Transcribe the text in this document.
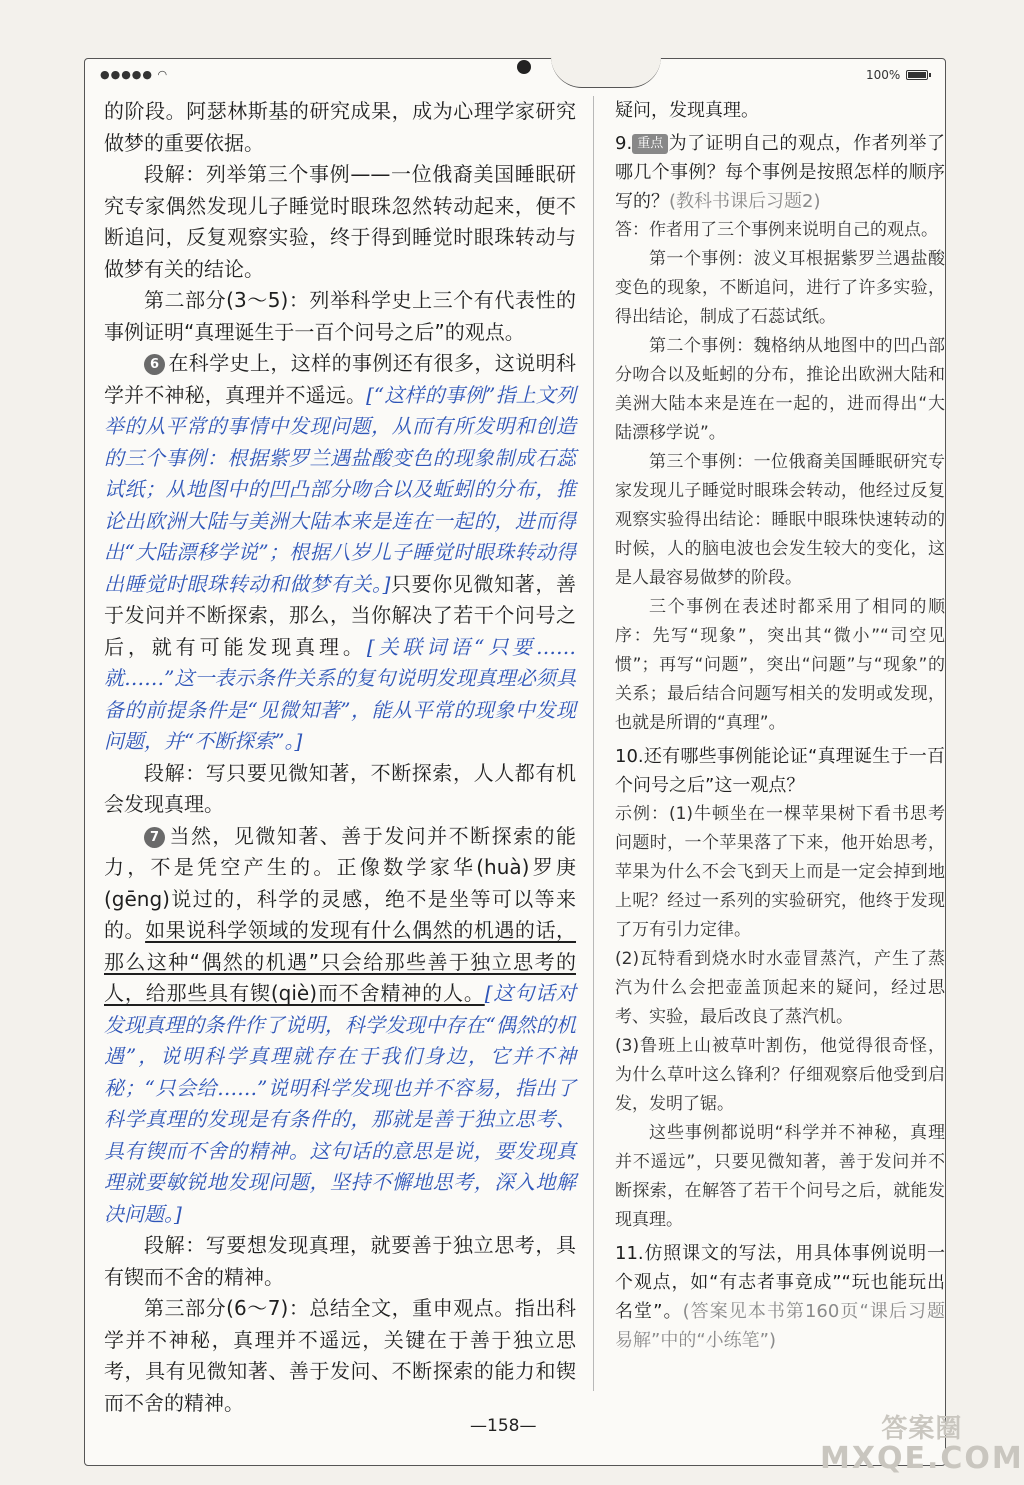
●●●●● ◠	100%

的阶段。阿瑟林斯基的研究成果，成为心理学家研究做梦的重要依据。

段解：列举第三个事例——一位俄裔美国睡眠研究专家偶然发现儿子睡觉时眼珠忽然转动起来，便不断追问，反复观察实验，终于得到睡觉时眼珠转动与做梦有关的结论。

第二部分(3～5)：列举科学史上三个有代表性的事例证明“真理诞生于一百个问号之后”的观点。

6 在科学史上，这样的事例还有很多，这说明科学并不神秘，真理并不遥远。[“这样的事例”指上文列举的从平常的事情中发现问题，从而有所发明和创造的三个事例：根据紫罗兰遇盐酸变色的现象制成石蕊试纸；从地图中的凹凸部分吻合以及蚯蚓的分布，推论出欧洲大陆与美洲大陆本来是连在一起的，进而得出“大陆漂移学说”；根据八岁儿子睡觉时眼珠转动得出睡觉时眼珠转动和做梦有关。]只要你见微知著，善于发问并不断探索，那么，当你解决了若干个问号之后，就有可能发现真理。[关联词语“只要……就……”这一表示条件关系的复句说明发现真理必须具备的前提条件是“见微知著”，能从平常的现象中发现问题，并“不断探索”。]

段解：写只要见微知著，不断探索，人人都有机会发现真理。

7 当然，见微知著、善于发问并不断探索的能力，不是凭空产生的。正像数学家华(huà)罗庚(gēng)说过的，科学的灵感，绝不是坐等可以等来的。如果说科学领域的发现有什么偶然的机遇的话，那么这种“偶然的机遇”只会给那些善于独立思考的人，给那些具有锲(qiè)而不舍精神的人。[这句话对发现真理的条件作了说明，科学发现中存在“偶然的机遇”，说明科学真理就存在于我们身边，它并不神秘；“只会给……”说明科学发现也并不容易，指出了科学真理的发现是有条件的，那就是善于独立思考、具有锲而不舍的精神。这句话的意思是说，要发现真理就要敏锐地发现问题，坚持不懈地思考，深入地解决问题。]

段解：写要想发现真理，就要善于独立思考，具有锲而不舍的精神。

第三部分(6～7)：总结全文，重申观点。指出科学并不神秘，真理并不遥远，关键在于善于独立思考，具有见微知著、善于发问、不断探索的能力和锲而不舍的精神。

疑问，发现真理。

9. 重点 为了证明自己的观点，作者列举了哪几个事例？每个事例是按照怎样的顺序写的？(教科书课后习题2)

答：作者用了三个事例来说明自己的观点。

第一个事例：波义耳根据紫罗兰遇盐酸变色的现象，不断追问，进行了许多实验，得出结论，制成了石蕊试纸。

第二个事例：魏格纳从地图中的凹凸部分吻合以及蚯蚓的分布，推论出欧洲大陆和美洲大陆本来是连在一起的，进而得出“大陆漂移学说”。

第三个事例：一位俄裔美国睡眠研究专家发现儿子睡觉时眼珠会转动，他经过反复观察实验得出结论：睡眠中眼珠快速转动的时候，人的脑电波也会发生较大的变化，这是人最容易做梦的阶段。

三个事例在表述时都采用了相同的顺序：先写“现象”，突出其“微小”“司空见惯”；再写“问题”，突出“问题”与“现象”的关系；最后结合问题写相关的发明或发现，也就是所谓的“真理”。

10.还有哪些事例能论证“真理诞生于一百个问号之后”这一观点？

示例：(1)牛顿坐在一棵苹果树下看书思考问题时，一个苹果落了下来，他开始思考，苹果为什么不会飞到天上而是一定会掉到地上呢？经过一系列的实验研究，他终于发现了万有引力定律。

(2)瓦特看到烧水时水壶冒蒸汽，产生了蒸汽为什么会把壶盖顶起来的疑问，经过思考、实验，最后改良了蒸汽机。

(3)鲁班上山被草叶割伤，他觉得很奇怪，为什么草叶这么锋利？仔细观察后他受到启发，发明了锯。

这些事例都说明“科学并不神秘，真理并不遥远”，只要见微知著，善于发问并不断探索，在解答了若干个问号之后，就能发现真理。

11.仿照课文的写法，用具体事例说明一个观点，如“有志者事竟成”“玩也能玩出名堂”。(答案见本书第160页“课后习题易解”中的“小练笔”)

—158—	答案圈
MXQE.COM
